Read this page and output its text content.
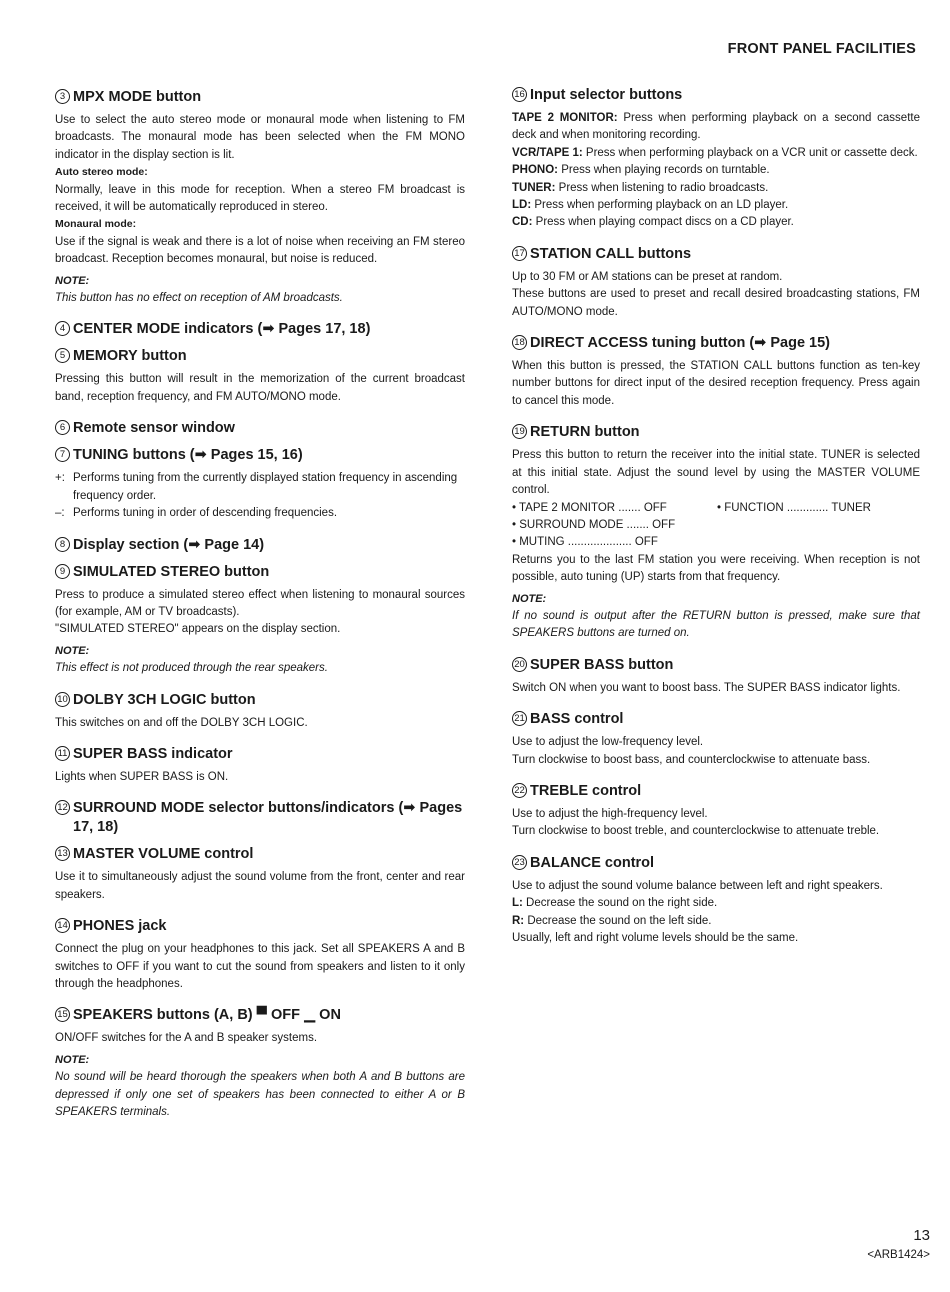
FRONT PANEL FACILITIES
3 MPX MODE button

Use to select the auto stereo mode or monaural mode when listening to FM broadcasts. The monaural mode has been selected when the FM MONO indicator in the display section is lit.

Auto stereo mode:

Normally, leave in this mode for reception. When a stereo FM broadcast is received, it will be automatically reproduced in stereo.

Monaural mode:

Use if the signal is weak and there is a lot of noise when receiving an FM stereo broadcast. Reception becomes monaural, but noise is reduced.

NOTE:

This button has no effect on reception of AM broadcasts.

4 CENTER MODE indicators (➡ Pages 17, 18)
5 MEMORY button

Pressing this button will result in the memorization of the current broadcast band, reception frequency, and FM AUTO/MONO mode.

6 Remote sensor window
7 TUNING buttons (➡ Pages 15, 16)
+: Performs tuning from the currently displayed station frequency in ascending frequency order.
–: Performs tuning in order of descending frequencies.
8 Display section (➡ Page 14)
9 SIMULATED STEREO button

Press to produce a simulated stereo effect when listening to monaural sources (for example, AM or TV broadcasts).

"SIMULATED STEREO" appears on the display section.

NOTE:

This effect is not produced through the rear speakers.

10 DOLBY 3CH LOGIC button

This switches on and off the DOLBY 3CH LOGIC.

11 SUPER BASS indicator

Lights when SUPER BASS is ON.

12 SURROUND MODE selector buttons/indicators (➡ Pages 17, 18)
13 MASTER VOLUME control

Use it to simultaneously adjust the sound volume from the front, center and rear speakers.

14 PHONES jack

Connect the plug on your headphones to this jack. Set all SPEAKERS A and B switches to OFF if you want to cut the sound from speakers and listen to it only through the headphones.

15 SPEAKERS buttons (A, B) ▀ OFF ▁ ON

ON/OFF switches for the A and B speaker systems.

NOTE:

No sound will be heard thorough the speakers when both A and B buttons are depressed if only one set of speakers has been connected to either A or B SPEAKERS terminals.

16 Input selector buttons

TAPE 2 MONITOR: Press when performing playback on a second cassette deck and when monitoring recording.

VCR/TAPE 1: Press when performing playback on a VCR unit or cassette deck.

PHONO: Press when playing records on turntable.

TUNER: Press when listening to radio broadcasts.

LD: Press when performing playback on an LD player.

CD: Press when playing compact discs on a CD player.

17 STATION CALL buttons

Up to 30 FM or AM stations can be preset at random.

These buttons are used to preset and recall desired broadcasting stations, FM AUTO/MONO mode.

18 DIRECT ACCESS tuning button (➡ Page 15)

When this button is pressed, the STATION CALL buttons function as ten-key number buttons for direct input of the desired reception frequency. Press again to cancel this mode.

19 RETURN button

Press this button to return the receiver into the initial state. TUNER is selected at this initial state. Adjust the sound level by using the MASTER VOLUME control.

• TAPE 2 MONITOR ....... OFF	• FUNCTION ............. TUNER
• SURROUND MODE ....... OFF
• MUTING .................... OFF

Returns you to the last FM station you were receiving. When reception is not possible, auto tuning (UP) starts from that frequency.

NOTE:

If no sound is output after the RETURN button is pressed, make sure that SPEAKERS buttons are turned on.

20 SUPER BASS button

Switch ON when you want to boost bass. The SUPER BASS indicator lights.

21 BASS control

Use to adjust the low-frequency level.

Turn clockwise to boost bass, and counterclockwise to attenuate bass.

22 TREBLE control

Use to adjust the high-frequency level.

Turn clockwise to boost treble, and counterclockwise to attenuate treble.

23 BALANCE control

Use to adjust the sound volume balance between left and right speakers.

L: Decrease the sound on the right side.

R: Decrease the sound on the left side.

Usually, left and right volume levels should be the same.

13
<ARB1424>
